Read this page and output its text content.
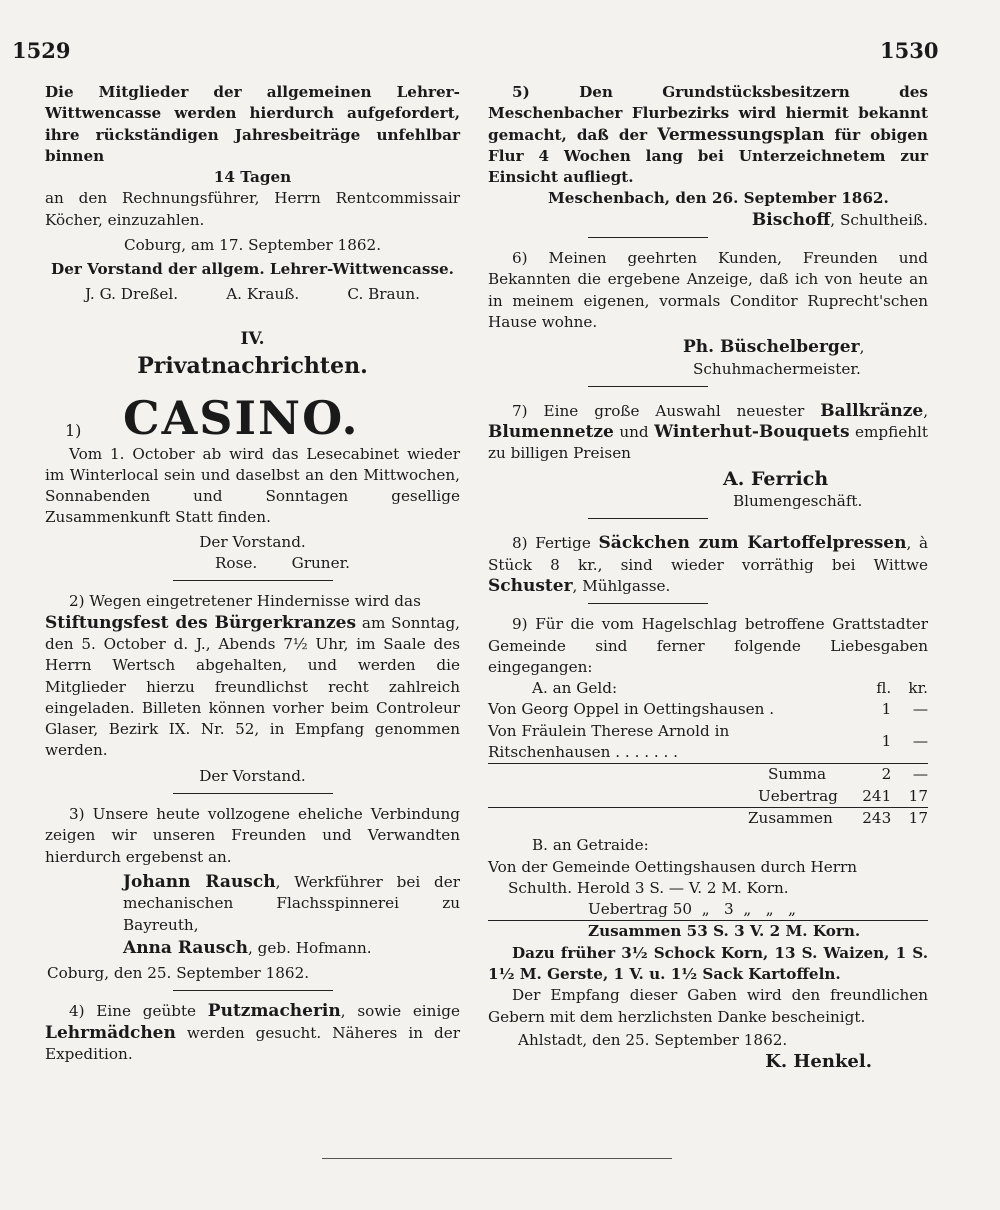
1529	1530

Die Mitglieder der allgemeinen Lehrer-Wittwencasse werden hierdurch aufgefordert, ihre rückständigen Jahresbeiträge unfehlbar binnen

14 Tagen

an den Rechnungsführer, Herrn Rentcommissair Köcher, einzuzahlen.

Coburg, am 17. September 1862.

Der Vorstand der allgem. Lehrer-Wittwencasse.

J. G. Dreßel.	A. Krauß.	C. Braun.
IV.
Privatnachrichten.
1) CASINO.

Vom 1. October ab wird das Lesecabinet wieder im Winterlocal sein und daselbst an den Mittwochen, Sonnabenden und Sonntagen gesellige Zusammenkunft Statt finden.

Der Vorstand.

Rose. Gruner.

2) Wegen eingetretener Hindernisse wird das

Stiftungsfest des Bürgerkranzes am Sonntag, den 5. October d. J., Abends 7½ Uhr, im Saale des Herrn Wertsch abgehalten, und werden die Mitglieder hierzu freundlichst recht zahlreich eingeladen. Billeten können vorher beim Controleur Glaser, Bezirk IX. Nr. 52, in Empfang genommen werden.

Der Vorstand.

3) Unsere heute vollzogene eheliche Verbindung zeigen wir unseren Freunden und Verwandten hierdurch ergebenst an.

Johann Rausch, Werkführer bei der mechanischen Flachsspinnerei zu Bayreuth,

Anna Rausch, geb. Hofmann.

Coburg, den 25. September 1862.

4) Eine geübte Putzmacherin, sowie einige Lehrmädchen werden gesucht. Näheres in der Expedition.

5) Den Grundstücksbesitzern des Meschenbacher Flurbezirks wird hiermit bekannt gemacht, daß der Vermessungsplan für obigen Flur 4 Wochen lang bei Unterzeichnetem zur Einsicht aufliegt.

Meschenbach, den 26. September 1862.

Bischoff, Schultheiß.

6) Meinen geehrten Kunden, Freunden und Bekannten die ergebene Anzeige, daß ich von heute an in meinem eigenen, vormals Conditor Ruprecht'schen Hause wohne.

Ph. Büschelberger,

Schuhmachermeister.

7) Eine große Auswahl neuester Ballkränze, Blumennetze und Winterhut-Bouquets empfiehlt zu billigen Preisen

A. Ferrich

Blumengeschäft.

8) Fertige Säckchen zum Kartoffelpressen, à Stück 8 kr., sind wieder vorräthig bei Wittwe Schuster, Mühlgasse.

9) Für die vom Hagelschlag betroffene Grattstadter Gemeinde sind ferner folgende Liebesgaben eingegangen:

A. an Geld:	fl.	kr.
Von Georg Oppel in Oettingshausen .	1	—
Von Fräulein Therese Arnold in Ritschenhausen . . . . . . .	1	—
Summa	2	—
Uebertrag	241	17
Zusammen	243	17

B. an Getraide:

Von der Gemeinde Oettingshausen durch Herrn

Schulth. Herold 3 S. — V. 2 M. Korn.

Uebertrag 50  „   3  „   „   „

Zusammen 53 S. 3 V. 2 M. Korn.

Dazu früher 3½ Schock Korn, 13 S. Waizen, 1 S. 1½ M. Gerste, 1 V. u. 1½ Sack Kartoffeln.

Der Empfang dieser Gaben wird den freundlichen Gebern mit dem herzlichsten Danke bescheinigt.

Ahlstadt, den 25. September 1862.

K. Henkel.
